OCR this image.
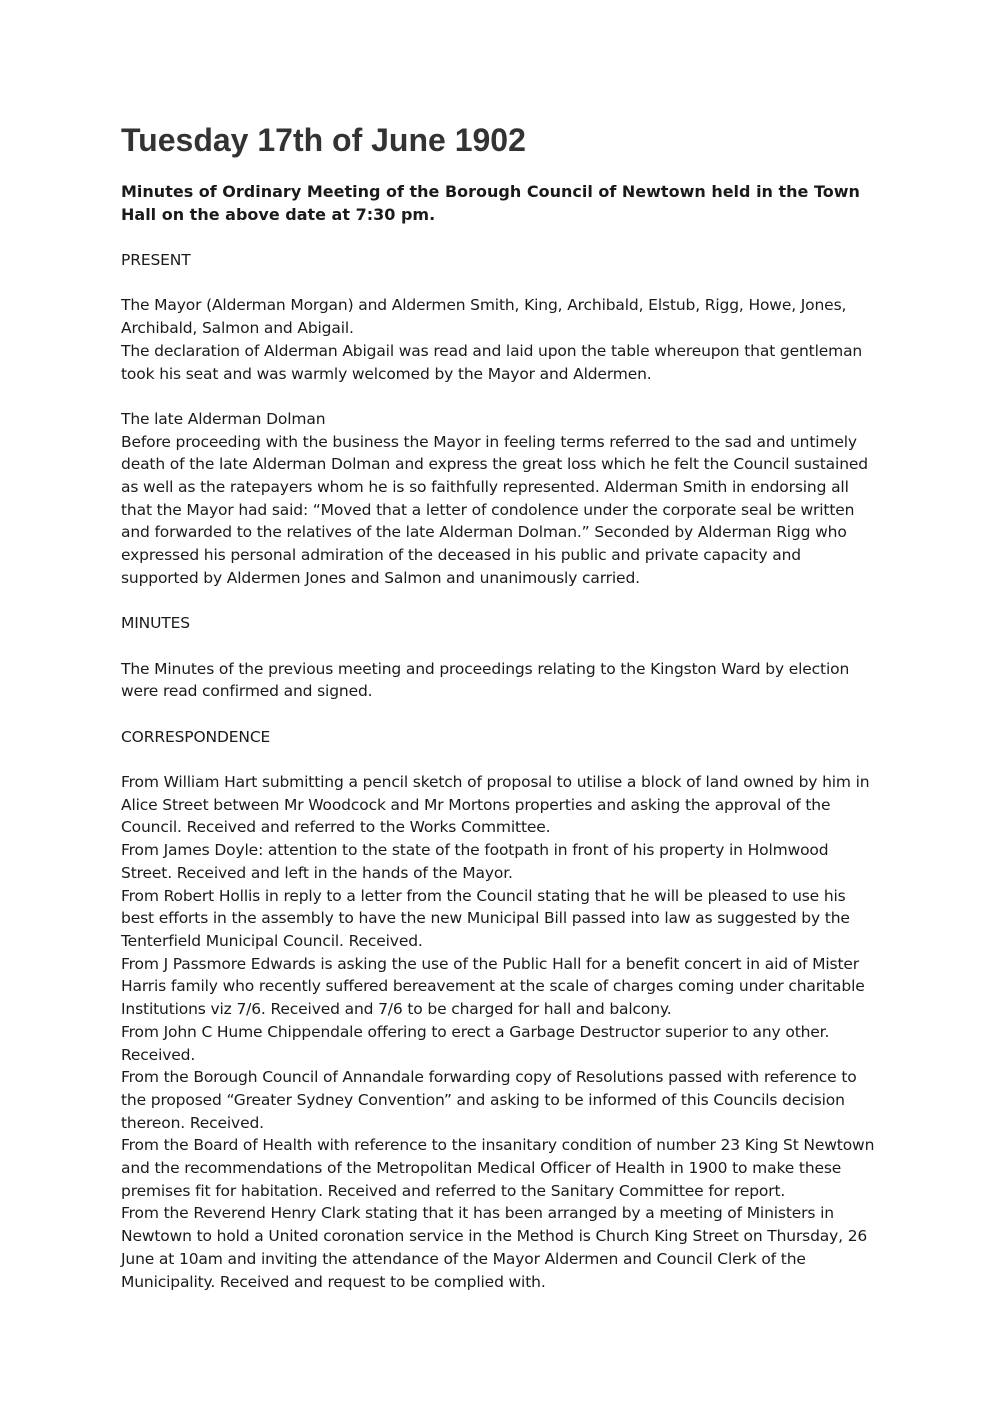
Tuesday 17th of June 1902

Minutes of Ordinary Meeting of the Borough Council of Newtown held in the Town Hall on the above date at 7:30 pm.

PRESENT

The Mayor (Alderman Morgan) and Aldermen Smith, King, Archibald, Elstub, Rigg, Howe, Jones, Archibald, Salmon and Abigail.

The declaration of Alderman Abigail was read and laid upon the table whereupon that gentleman took his seat and was warmly welcomed by the Mayor and Aldermen.

The late Alderman Dolman

Before proceeding with the business the Mayor in feeling terms referred to the sad and untimely death of the late Alderman Dolman and express the great loss which he felt the Council sustained as well as the ratepayers whom he is so faithfully represented. Alderman Smith in endorsing all that the Mayor had said: “Moved that a letter of condolence under the corporate seal be written and forwarded to the relatives of the late Alderman Dolman.” Seconded by Alderman Rigg who expressed his personal admiration of the deceased in his public and private capacity and supported by Aldermen Jones and Salmon and unanimously carried.

MINUTES

The Minutes of the previous meeting and proceedings relating to the Kingston Ward by election were read confirmed and signed.

CORRESPONDENCE

From William Hart submitting a pencil sketch of proposal to utilise a block of land owned by him in Alice Street between Mr Woodcock and Mr Mortons properties and asking the approval of the Council. Received and referred to the Works Committee.

From James Doyle: attention to the state of the footpath in front of his property in Holmwood Street. Received and left in the hands of the Mayor.

From Robert Hollis in reply to a letter from the Council stating that he will be pleased to use his best efforts in the assembly to have the new Municipal Bill passed into law as suggested by the Tenterfield Municipal Council. Received.

From J Passmore Edwards is asking the use of the Public Hall for a benefit concert in aid of Mister Harris family who recently suffered bereavement at the scale of charges coming under charitable Institutions viz 7/6. Received and 7/6 to be charged for hall and balcony.

From John C Hume Chippendale offering to erect a Garbage Destructor superior to any other. Received.

From the Borough Council of Annandale forwarding copy of Resolutions passed with reference to the proposed “Greater Sydney Convention” and asking to be informed of this Councils decision thereon. Received.

From the Board of Health with reference to the insanitary condition of number 23 King St Newtown and the recommendations of the Metropolitan Medical Officer of Health in 1900 to make these premises fit for habitation. Received and referred to the Sanitary Committee for report.

From the Reverend Henry Clark stating that it has been arranged by a meeting of Ministers in Newtown to hold a United coronation service in the Method is Church King Street on Thursday, 26 June at 10am and inviting the attendance of the Mayor Aldermen and Council Clerk of the Municipality. Received and request to be complied with.
